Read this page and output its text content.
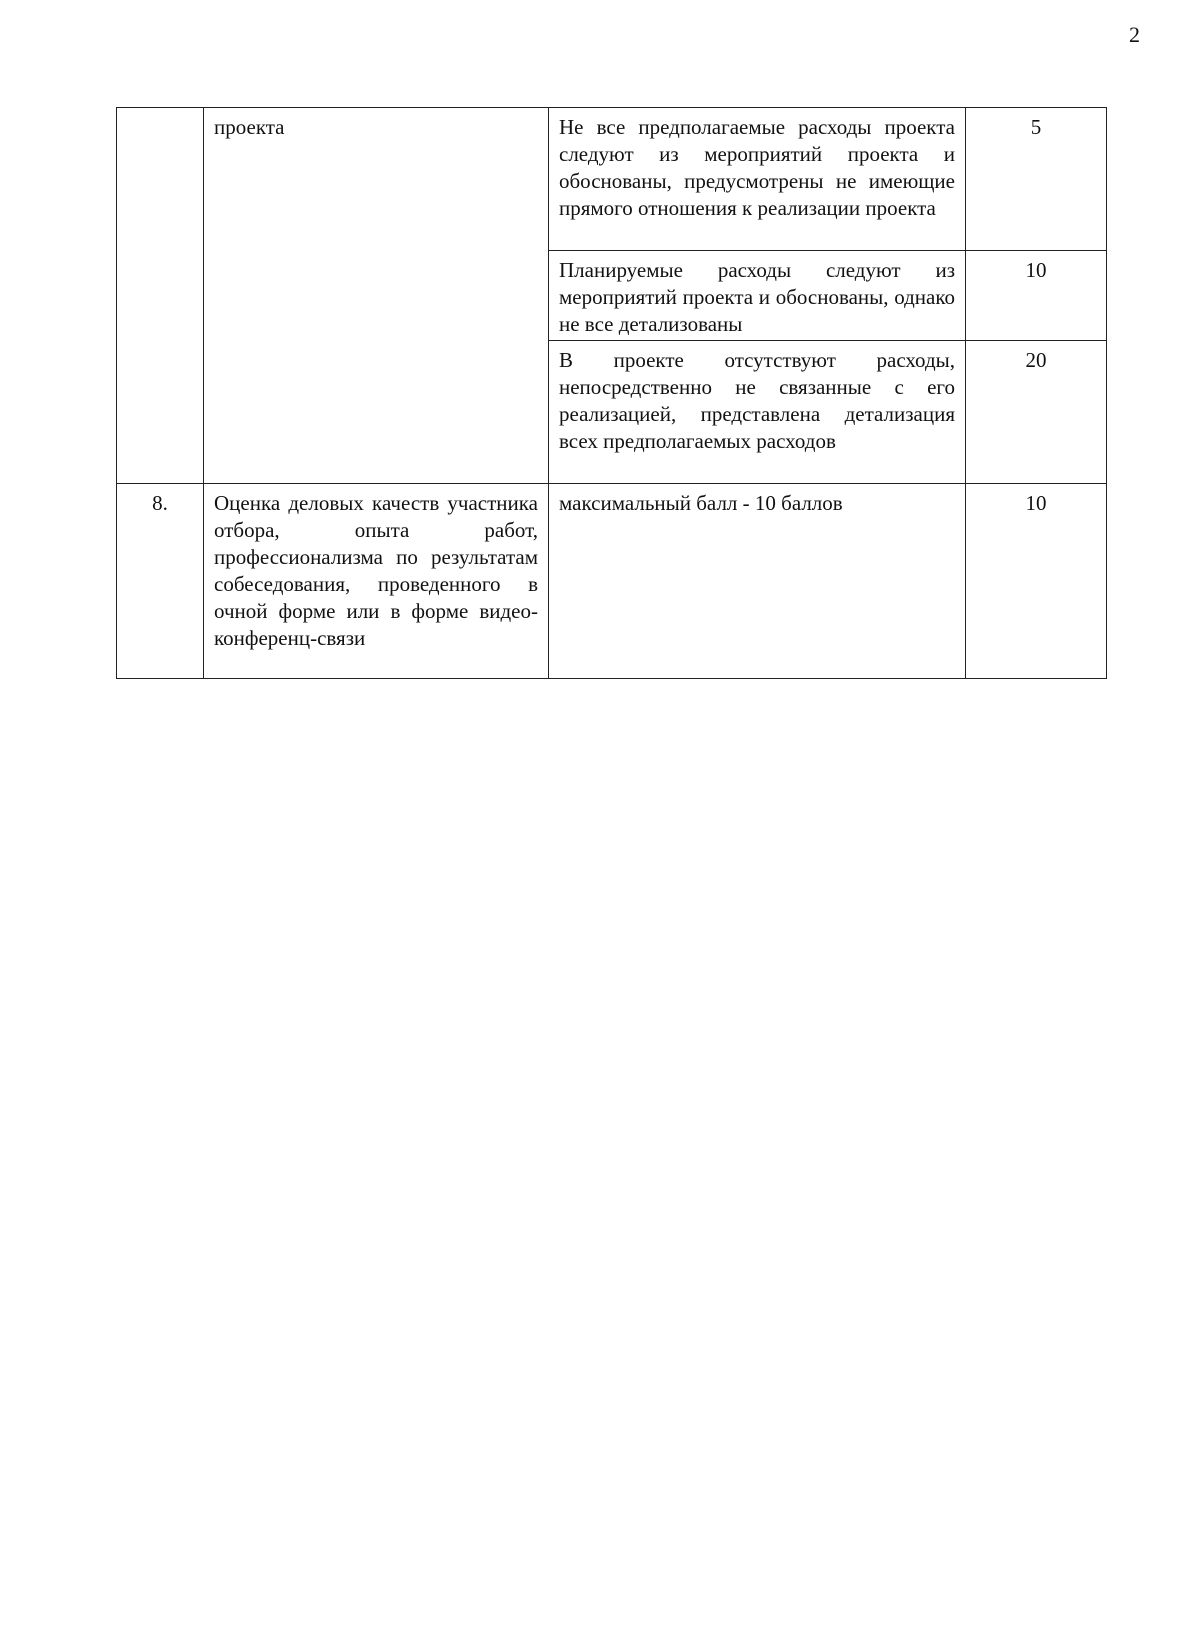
2
	проекта	Не все предполагаемые расходы проекта следуют из мероприятий проекта и обоснованы, предусмотрены не имеющие прямого отношения к реализации проекта	5
		Планируемые расходы следуют из мероприятий проекта и обоснованы, однако не все детализованы	10
		В проекте отсутствуют расходы, непосредственно не связанные с его реализацией, представлена детализация всех предполагаемых расходов	20
8.	Оценка деловых качеств участника отбора, опыта работ, профессионализма по результатам собеседования, проведенного в очной форме или в форме видео-конференц-связи	максимальный балл - 10 баллов	10
